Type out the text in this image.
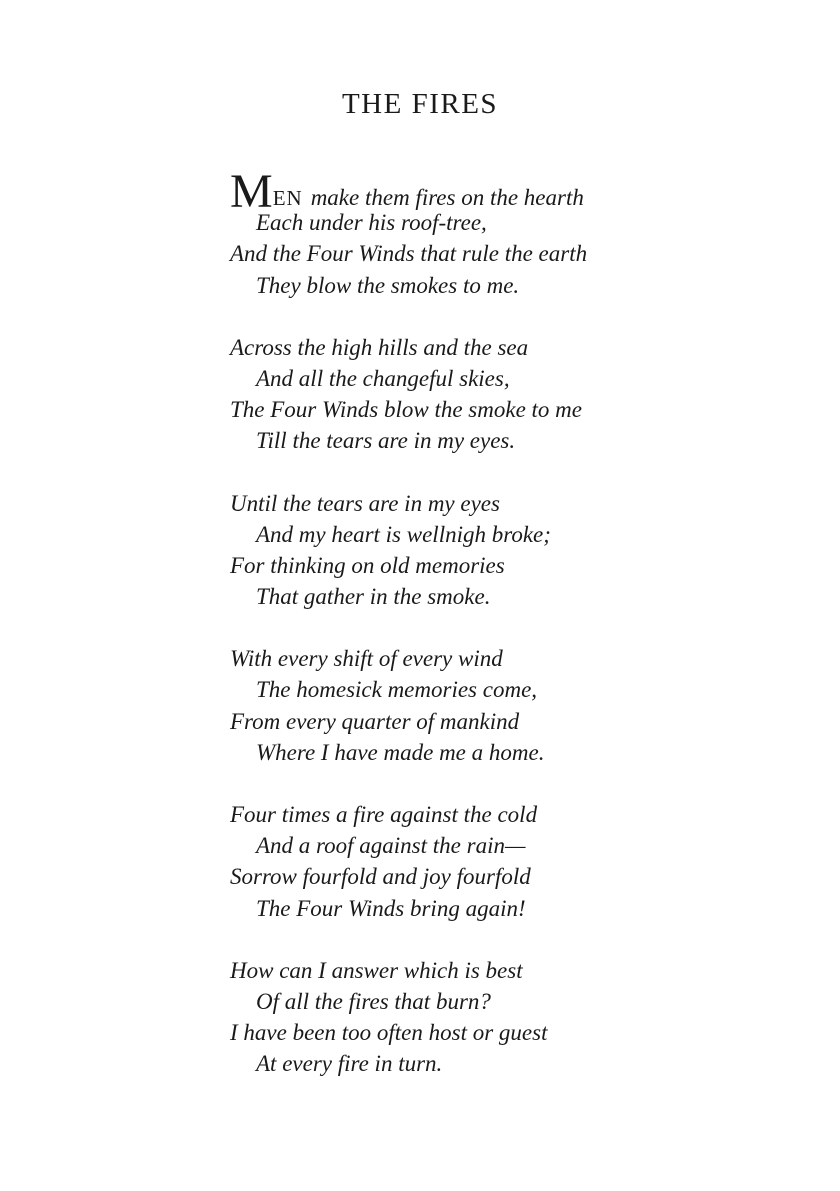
THE FIRES
MEN make them fires on the hearth
Each under his roof-tree,
And the Four Winds that rule the earth
They blow the smokes to me.
Across the high hills and the sea
And all the changeful skies,
The Four Winds blow the smoke to me
Till the tears are in my eyes.
Until the tears are in my eyes
And my heart is wellnigh broke;
For thinking on old memories
That gather in the smoke.
With every shift of every wind
The homesick memories come,
From every quarter of mankind
Where I have made me a home.
Four times a fire against the cold
And a roof against the rain—
Sorrow fourfold and joy fourfold
The Four Winds bring again!
How can I answer which is best
Of all the fires that burn?
I have been too often host or guest
At every fire in turn.
